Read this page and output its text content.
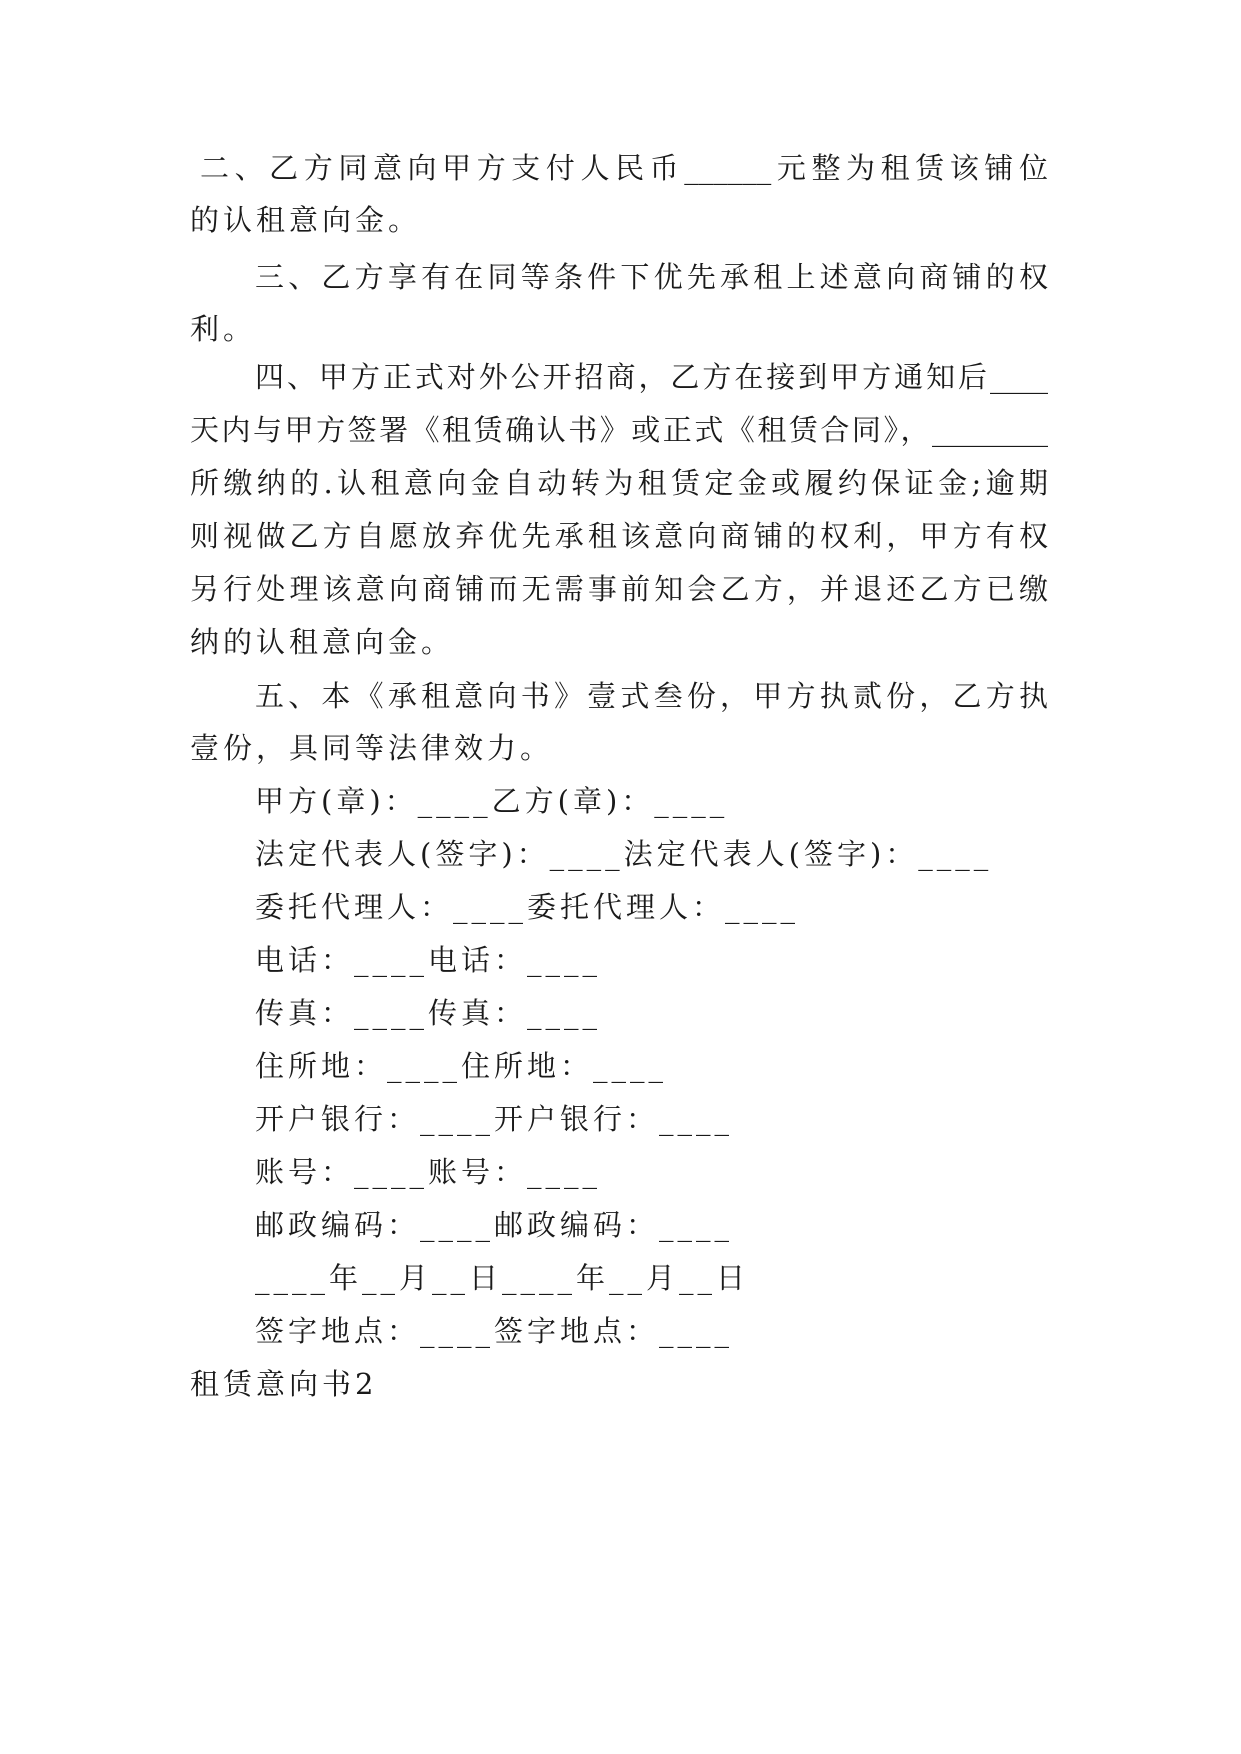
二、乙方同意向甲方支付人民币______元整为租赁该铺位
的认租意向金。
三、乙方享有在同等条件下优先承租上述意向商铺的权
利。
四、甲方正式对外公开招商，乙方在接到甲方通知后____
天内与甲方签署《租赁确认书》或正式《租赁合同》，________
所缴纳的.认租意向金自动转为租赁定金或履约保证金;逾期
则视做乙方自愿放弃优先承租该意向商铺的权利，甲方有权
另行处理该意向商铺而无需事前知会乙方，并退还乙方已缴
纳的认租意向金。
五、本《承租意向书》壹式叁份，甲方执贰份，乙方执
壹份，具同等法律效力。
甲方(章)：____乙方(章)：____
法定代表人(签字)：____法定代表人(签字)：____
委托代理人：____委托代理人：____
电话：____电话：____
传真：____传真：____
住所地：____住所地：____
开户银行：____开户银行：____
账号：____账号：____
邮政编码：____邮政编码：____
____年__月__日____年__月__日
签字地点：____签字地点：____
租赁意向书2
